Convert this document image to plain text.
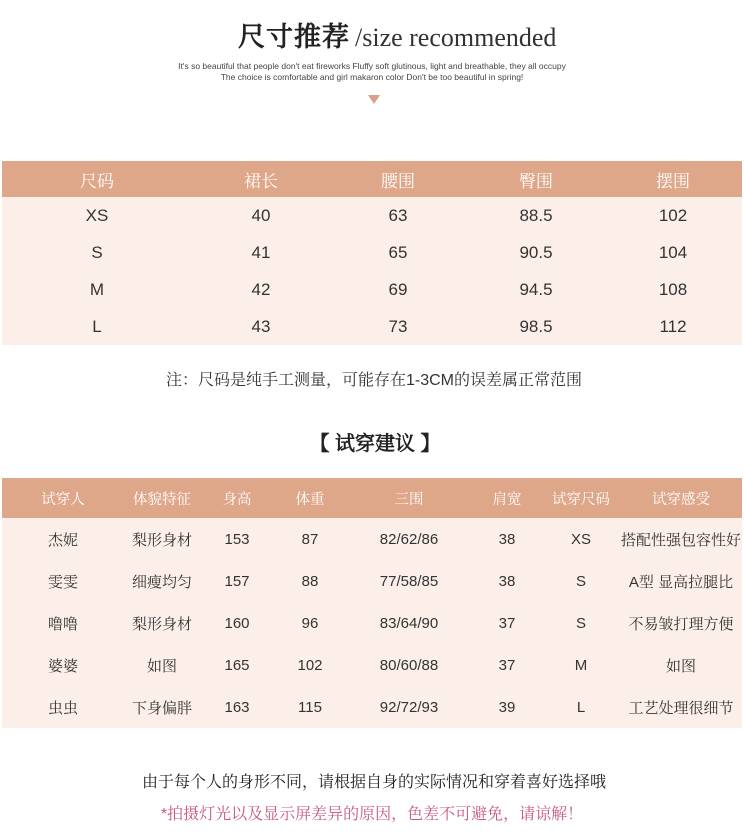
尺寸推荐 /size recommended
It's so beautiful that people don't eat fireworks Fluffy soft glutinous, light and breathable, they all occupy
The choice is comfortable and girl makaron color Don't be too beautiful in spring!
尺码	裙长	腰围	臀围	摆围
XS	40	63	88.5	102
S	41	65	90.5	104
M	42	69	94.5	108
L	43	73	98.5	112
注：尺码是纯手工测量，可能存在1-3CM的误差属正常范围
【 试穿建议 】
试穿人	体貌特征	身高	体重	三围	肩宽	试穿尺码	试穿感受
杰妮	梨形身材	153	87	82/62/86	38	XS	搭配性强包容性好
雯雯	细瘦均匀	157	88	77/58/85	38	S	A型 显高拉腿比
噜噜	梨形身材	160	96	83/64/90	37	S	不易皱打理方便
婆婆	如图	165	102	80/60/88	37	M	如图
虫虫	下身偏胖	163	115	92/72/93	39	L	工艺处理很细节
由于每个人的身形不同，请根据自身的实际情况和穿着喜好选择哦
*拍摄灯光以及显示屏差异的原因，色差不可避免，请谅解！
